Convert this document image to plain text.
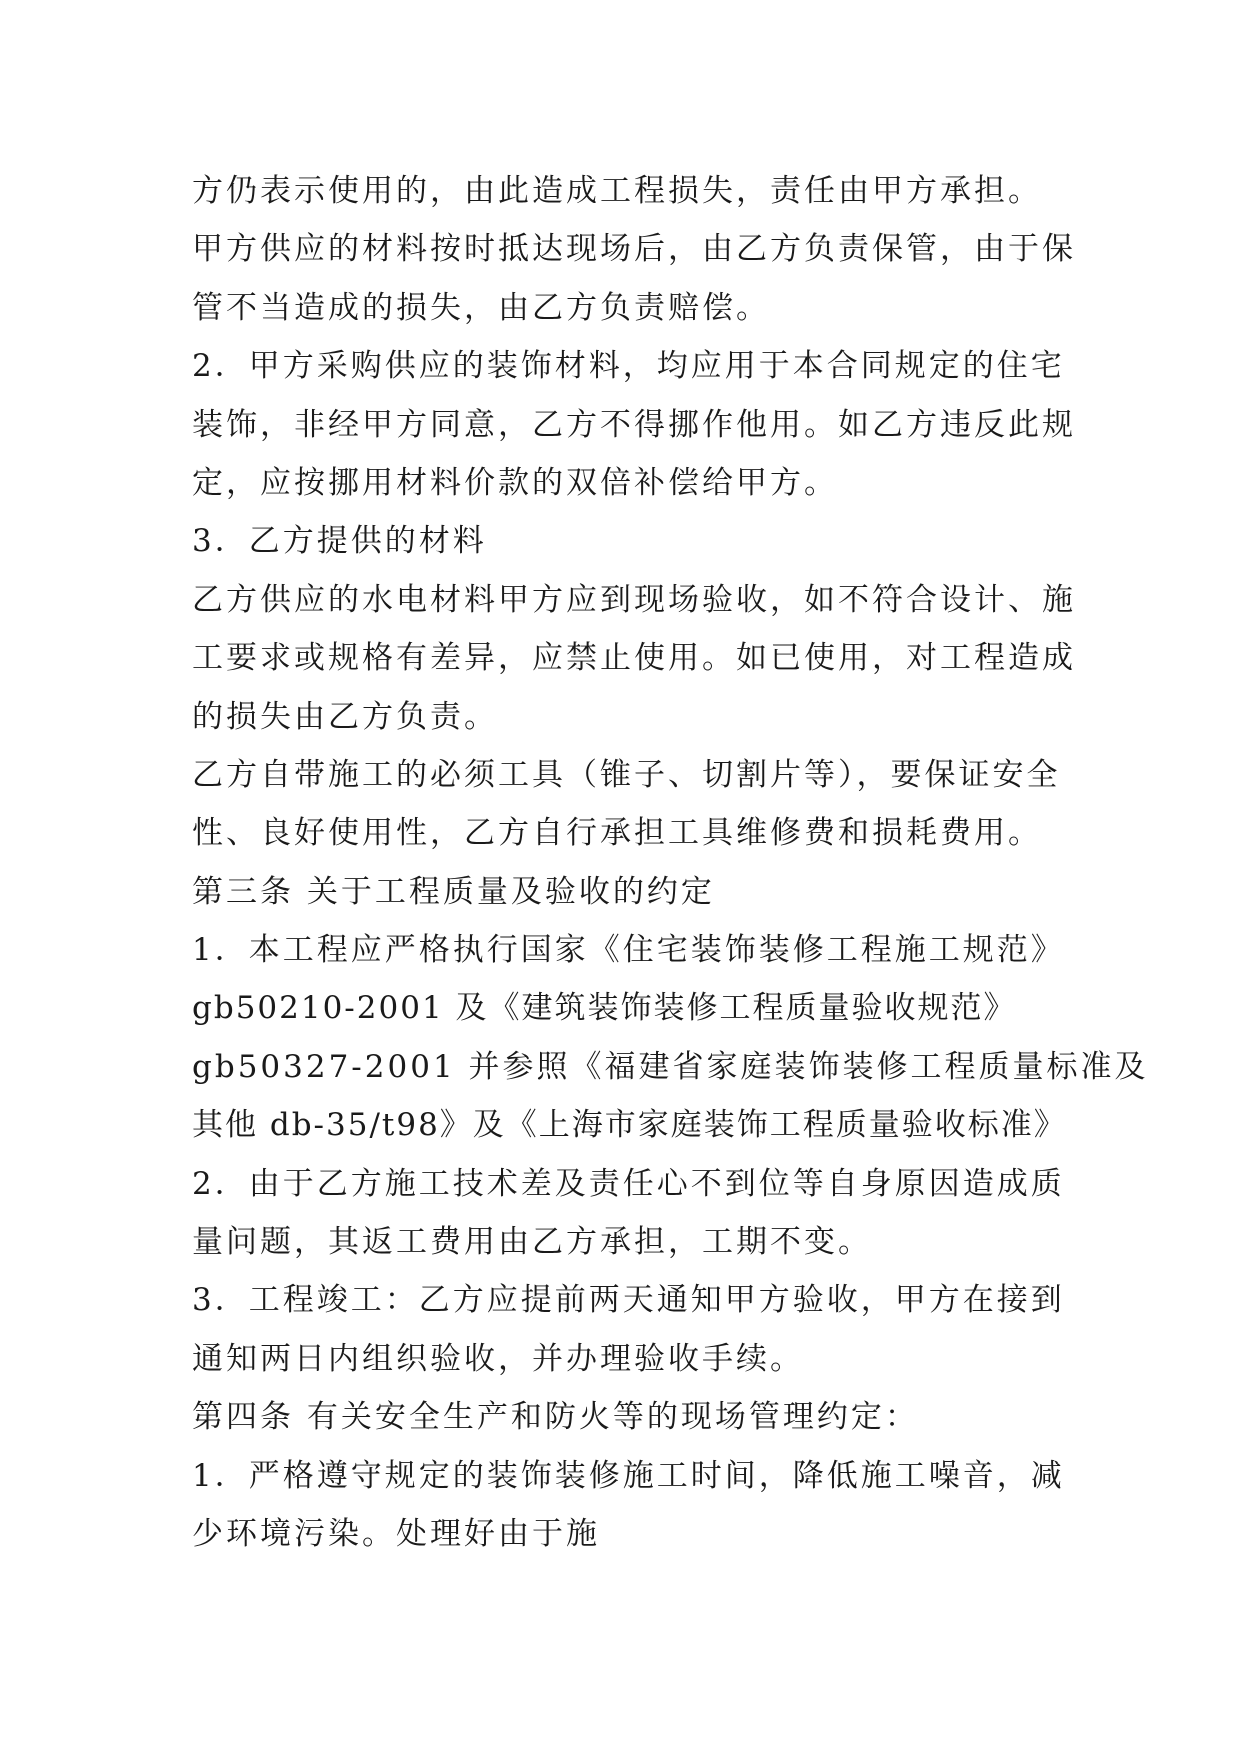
方仍表示使用的，由此造成工程损失，责任由甲方承担。
甲方供应的材料按时抵达现场后，由乙方负责保管，由于保
管不当造成的损失，由乙方负责赔偿。
2．甲方采购供应的装饰材料，均应用于本合同规定的住宅
装饰，非经甲方同意，乙方不得挪作他用。如乙方违反此规
定，应按挪用材料价款的双倍补偿给甲方。
3．乙方提供的材料
乙方供应的水电材料甲方应到现场验收，如不符合设计、施
工要求或规格有差异，应禁止使用。如已使用，对工程造成
的损失由乙方负责。
乙方自带施工的必须工具（锥子、切割片等），要保证安全
性、良好使用性，乙方自行承担工具维修费和损耗费用。
第三条 关于工程质量及验收的约定
1．本工程应严格执行国家《住宅装饰装修工程施工规范》
gb50210-2001 及《建筑装饰装修工程质量验收规范》
gb50327-2001 并参照《福建省家庭装饰装修工程质量标准及
其他 db-35/t98》及《上海市家庭装饰工程质量验收标准》
2．由于乙方施工技术差及责任心不到位等自身原因造成质
量问题，其返工费用由乙方承担，工期不变。
3．工程竣工：乙方应提前两天通知甲方验收，甲方在接到
通知两日内组织验收，并办理验收手续。
第四条 有关安全生产和防火等的现场管理约定：
1．严格遵守规定的装饰装修施工时间，降低施工噪音，减
少环境污染。处理好由于施
